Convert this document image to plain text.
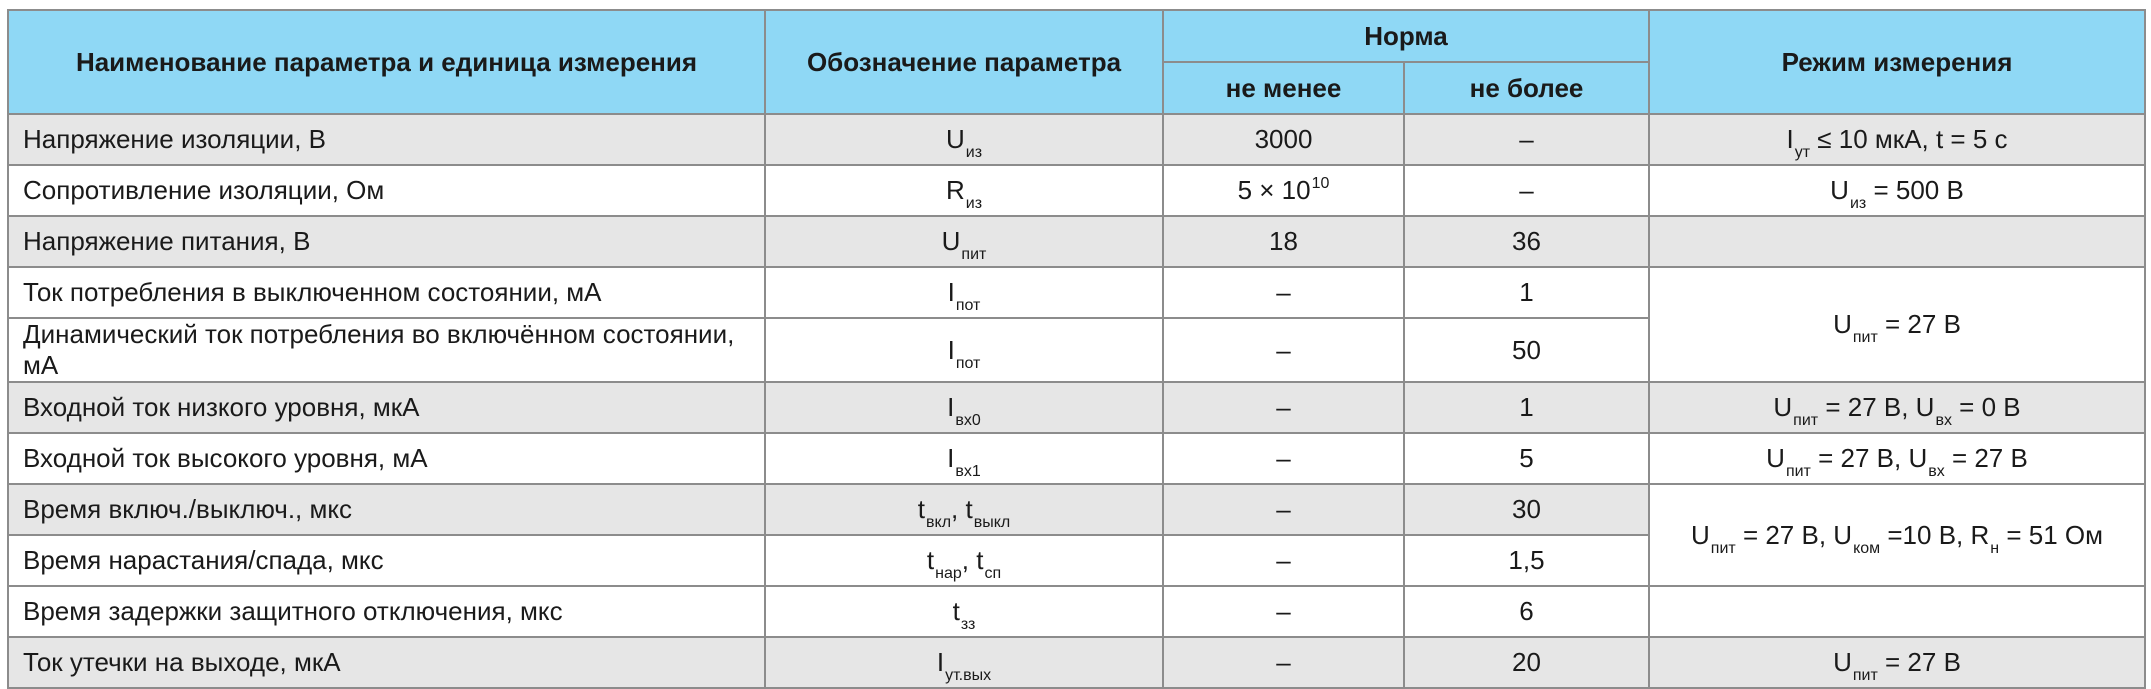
Наименование параметра и единица измерения	Обозначение параметра	Норма		Режим измерения
		не менее	не более	
Напряжение изоляции, В	$U_{из}$	3000	–	$I_{ут} \le 10$ мкА, t = 5 с
Сопротивление изоляции, Ом	$R_{из}$	$5 \times 10^{10}$	–	$U_{из} = 500$ В
Напряжение питания, В	$U_{пит}$	18	36	
Ток потребления в выключенном состоянии, мА	$I_{пот}$	–	1	$U_{пит} = 27$ В
Динамический ток потребления во включённом состоянии, мА	$I_{пот}$	–	50	
Входной ток низкого уровня, мкА	$I_{вх0}$	–	1	$U_{пит} = 27$ В, $U_{вх} = 0$ В
Входной ток высокого уровня, мА	$I_{вх1}$	–	5	$U_{пит} = 27$ В, $U_{вх} = 27$ В
Время включ./выключ., мкс	$t_{вкл}$, $t_{выкл}$	–	30	$U_{пит} = 27$ В, $U_{ком} =10$ В, $R_н = 51$ Ом
Время нарастания/спада, мкс	$t_{нар}$, $t_{сп}$	–	1,5	
Время задержки защитного отключения, мкс	$t_{зз}$	–	6	
Ток утечки на выходе, мкА	$I_{ут.вых}$	–	20	$U_{пит} = 27$ В
